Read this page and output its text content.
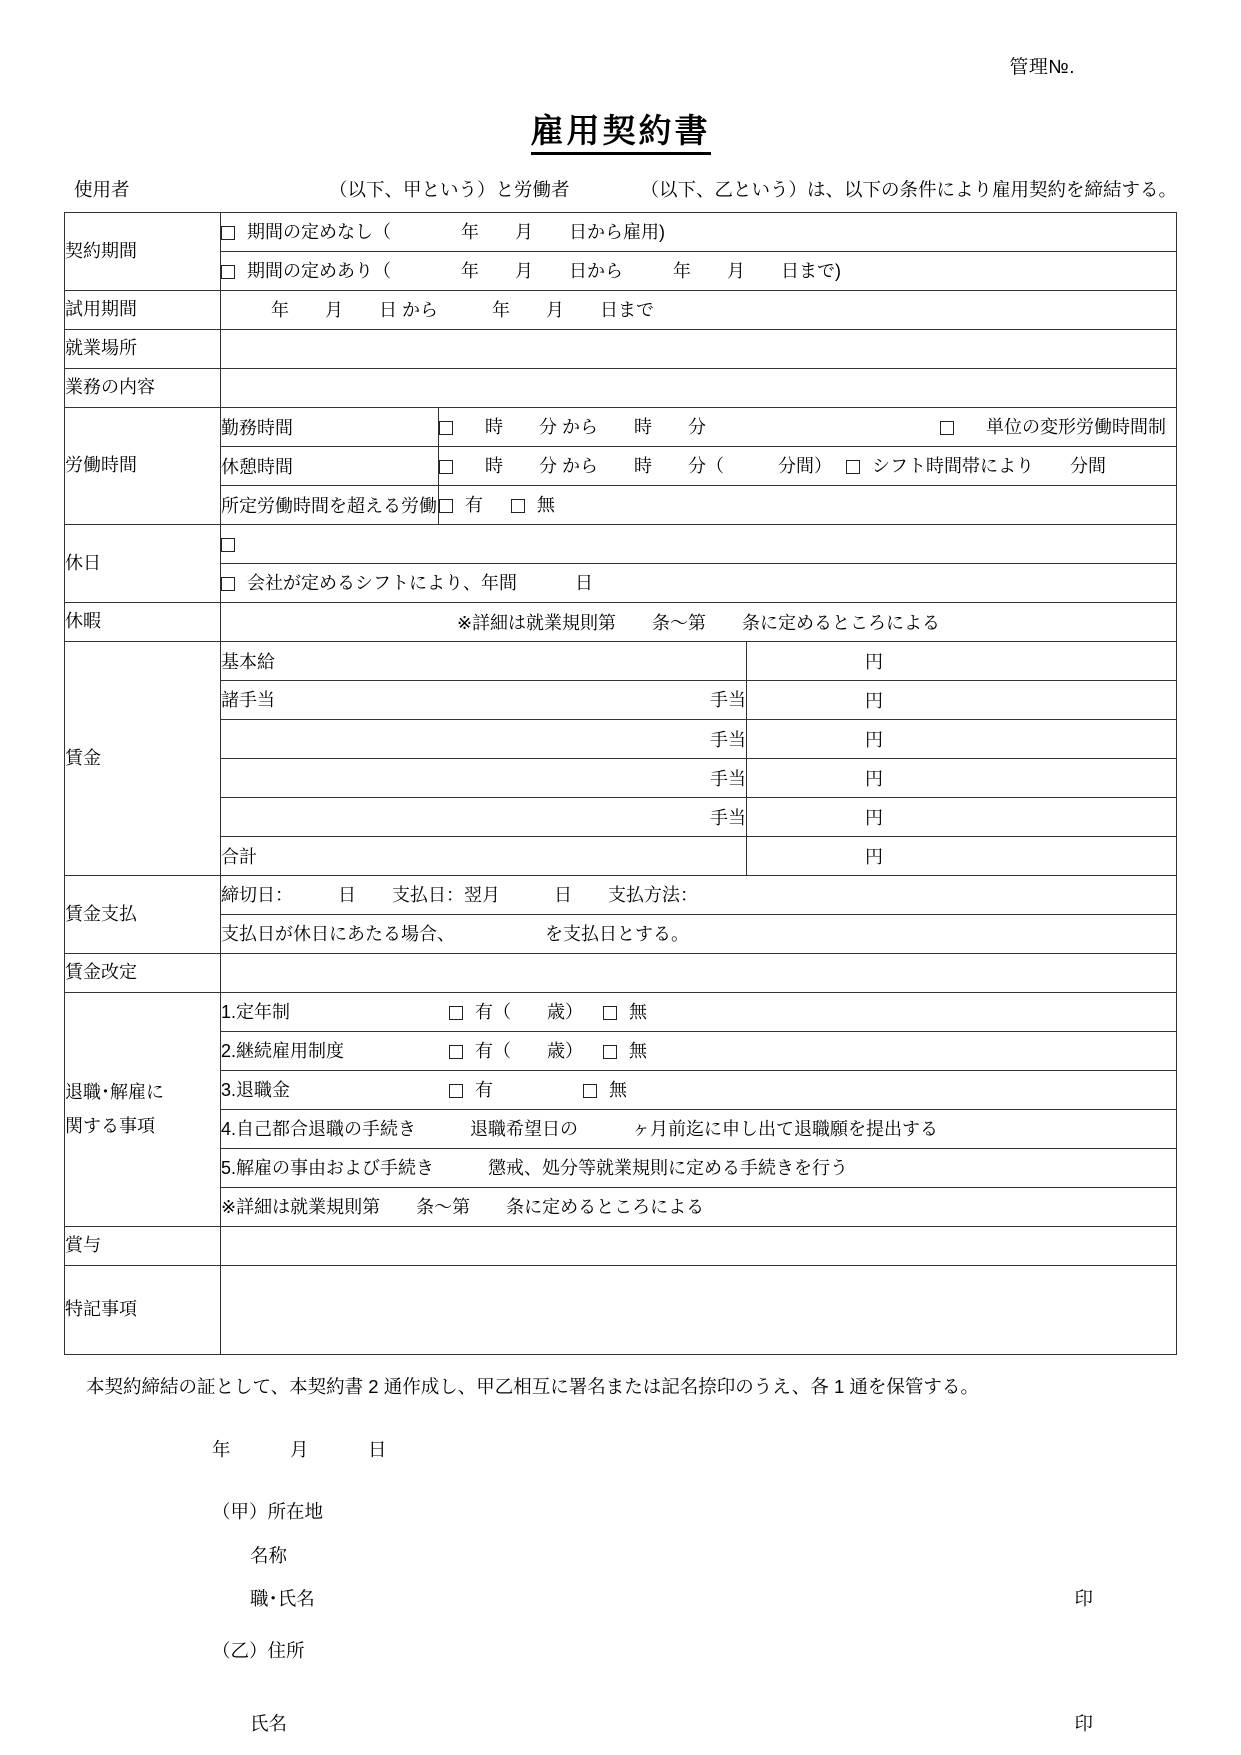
管理№.
雇用契約書
使用者	（以下、甲という）と労働者	（以下、乙という）は、以下の条件により雇用契約を締結する。
契約期間	期間の定めなし（ 年　　月　　日から雇用)		

	期間の定めあり（ 年　　月　　日から 年　　月　　日まで)		

試用期間	年　　月　　日 から　　　年　　月　　日まで		

就業場所			
業務の内容			
労働時間	勤務時間	時　　分 から　　時　　分 単位の変形労働時間制	

	休憩時間	時　　分 から　　時　　分（　　　分間） シフト時間帯により　　分間	

	所定労働時間を超える労働	有 無	

休日			

	会社が定めるシフトにより、年間 日		

休暇	※詳細は就業規則第　　条～第　　条に定めるところによる		
賃金	基本給		円

	諸手当 手当		円
	手当		円
	手当		円
	手当		円
	合計		円
賃金支払	締切日：　　　日　　支払日：翌月　　　日　　支払方法：		

	支払日が休日にあたる場合、 を支払日とする。		

賃金改定			

退職･解雇に
関する事項

1.定年制	有（　　歳）	無

	2.継続雇用制度 有（　　歳） 無		

	3.退職金 有 無		

	4.自己都合退職の手続き　　　退職希望日の　　　ヶ月前迄に申し出て退職願を提出する		

	5.解雇の事由および手続き　　　懲戒、処分等就業規則に定める手続きを行う		

	※詳細は就業規則第　　条～第　　条に定めるところによる		

賞与			
特記事項			
本契約締結の証として、本契約書 2 通作成し、甲乙相互に署名または記名捺印のうえ、各 1 通を保管する。
年　　　月　　　日
（甲）所在地
名称
職･氏名	印
（乙）住所
氏名	印
